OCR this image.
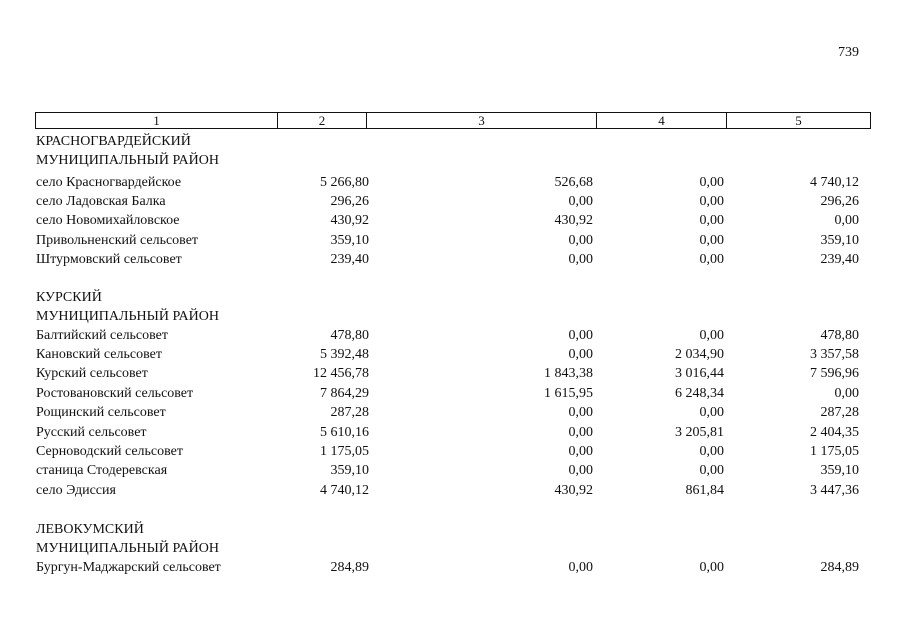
739
1	2	3	4	5
КРАСНОГВАРДЕЙСКИЙ
МУНИЦИПАЛЬНЫЙ РАЙОН
село Красногвардейское	5 266,80	526,68	0,00	4 740,12
село Ладовская Балка	296,26	0,00	0,00	296,26
село Новомихайловское	430,92	430,92	0,00	0,00
Привольненский сельсовет	359,10	0,00	0,00	359,10
Штурмовский сельсовет	239,40	0,00	0,00	239,40
КУРСКИЙ
МУНИЦИПАЛЬНЫЙ РАЙОН
Балтийский сельсовет	478,80	0,00	0,00	478,80
Кановский сельсовет	5 392,48	0,00	2 034,90	3 357,58
Курский сельсовет	12 456,78	1 843,38	3 016,44	7 596,96
Ростовановский сельсовет	7 864,29	1 615,95	6 248,34	0,00
Рощинский сельсовет	287,28	0,00	0,00	287,28
Русский сельсовет	5 610,16	0,00	3 205,81	2 404,35
Серноводский сельсовет	1 175,05	0,00	0,00	1 175,05
станица Стодеревская	359,10	0,00	0,00	359,10
село Эдиссия	4 740,12	430,92	861,84	3 447,36
ЛЕВОКУМСКИЙ
МУНИЦИПАЛЬНЫЙ РАЙОН
Бургун-Маджарский сельсовет	284,89	0,00	0,00	284,89
